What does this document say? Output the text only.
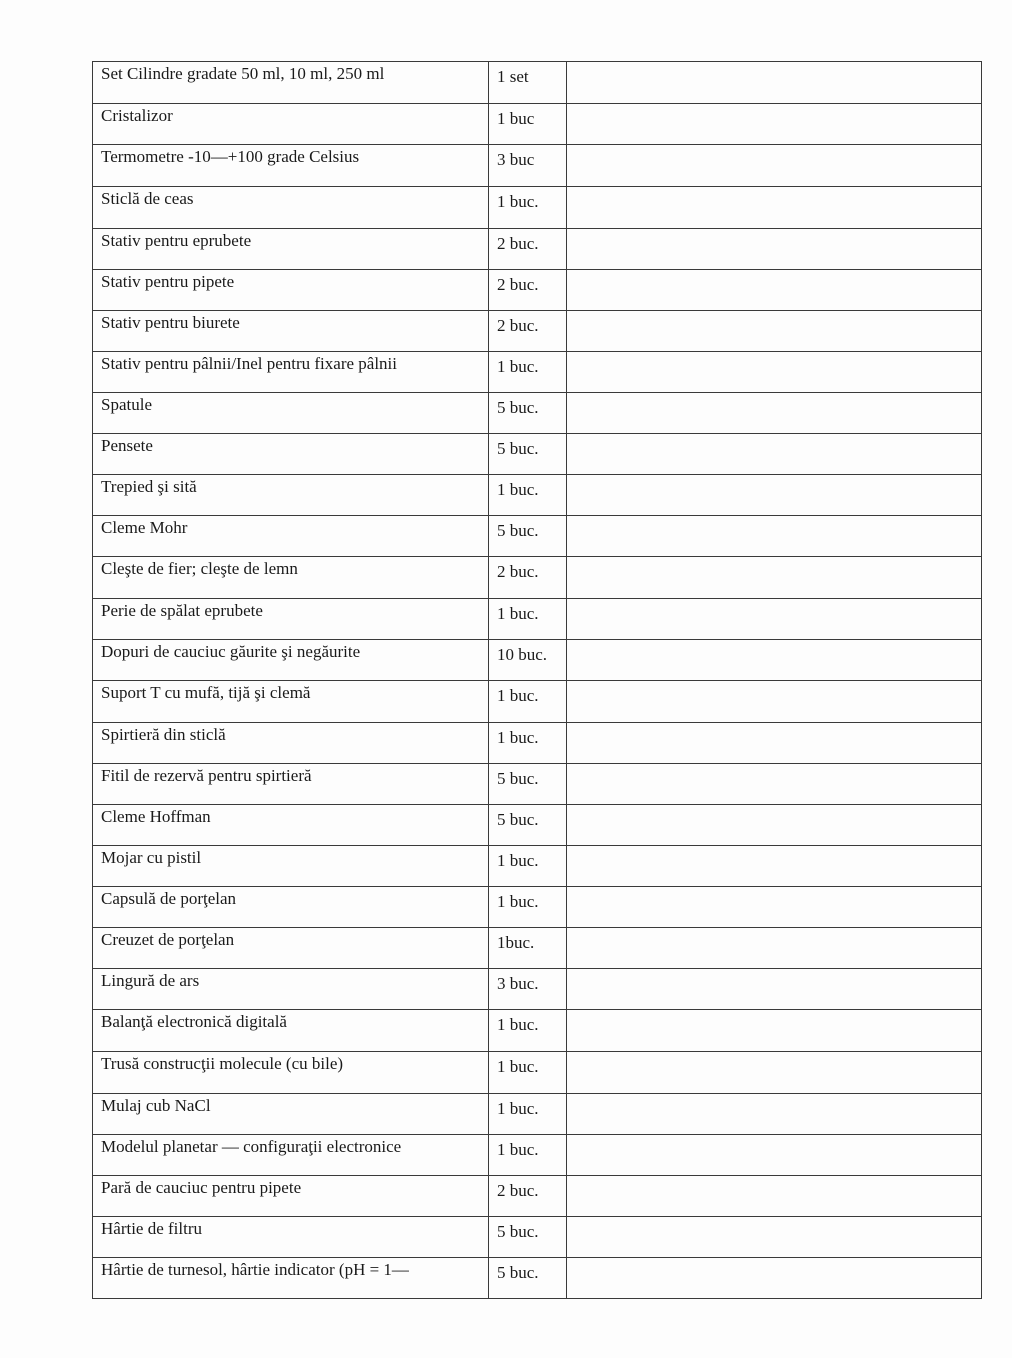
Set Cilindre gradate 50 ml, 10 ml, 250 ml	1 set	

Cristalizor	1 buc	

Termometre -10—+100 grade Celsius	3 buc	

Sticlă de ceas	1 buc.	

Stativ pentru eprubete	2 buc.	

Stativ pentru pipete	2 buc.	

Stativ pentru biurete	2 buc.	

Stativ pentru pâlnii/Inel pentru fixare pâlnii	1 buc.	

Spatule	5 buc.	

Pensete	5 buc.	

Trepied şi sită	1 buc.	

Cleme Mohr	5 buc.	

Cleşte de fier; cleşte de lemn	2 buc.	

Perie de spălat eprubete	1 buc.	

Dopuri de cauciuc găurite şi negăurite	10 buc.	

Suport T cu mufă, tijă şi clemă	1 buc.	

Spirtieră din sticlă	1 buc.	

Fitil de rezervă pentru spirtieră	5 buc.	

Cleme Hoffman	5 buc.	

Mojar cu pistil	1 buc.	

Capsulă de porţelan	1 buc.	

Creuzet de porţelan	1buc.	

Lingură de ars	3 buc.	

Balanţă electronică digitală	1 buc.	

Trusă construcţii molecule (cu bile)	1 buc.	

Mulaj cub NaCl	1 buc.	

Modelul planetar — configuraţii electronice	1 buc.	

Pară de cauciuc pentru pipete	2 buc.	

Hârtie de filtru	5 buc.	

Hârtie de turnesol, hârtie indicator (pH = 1—	5 buc.	
